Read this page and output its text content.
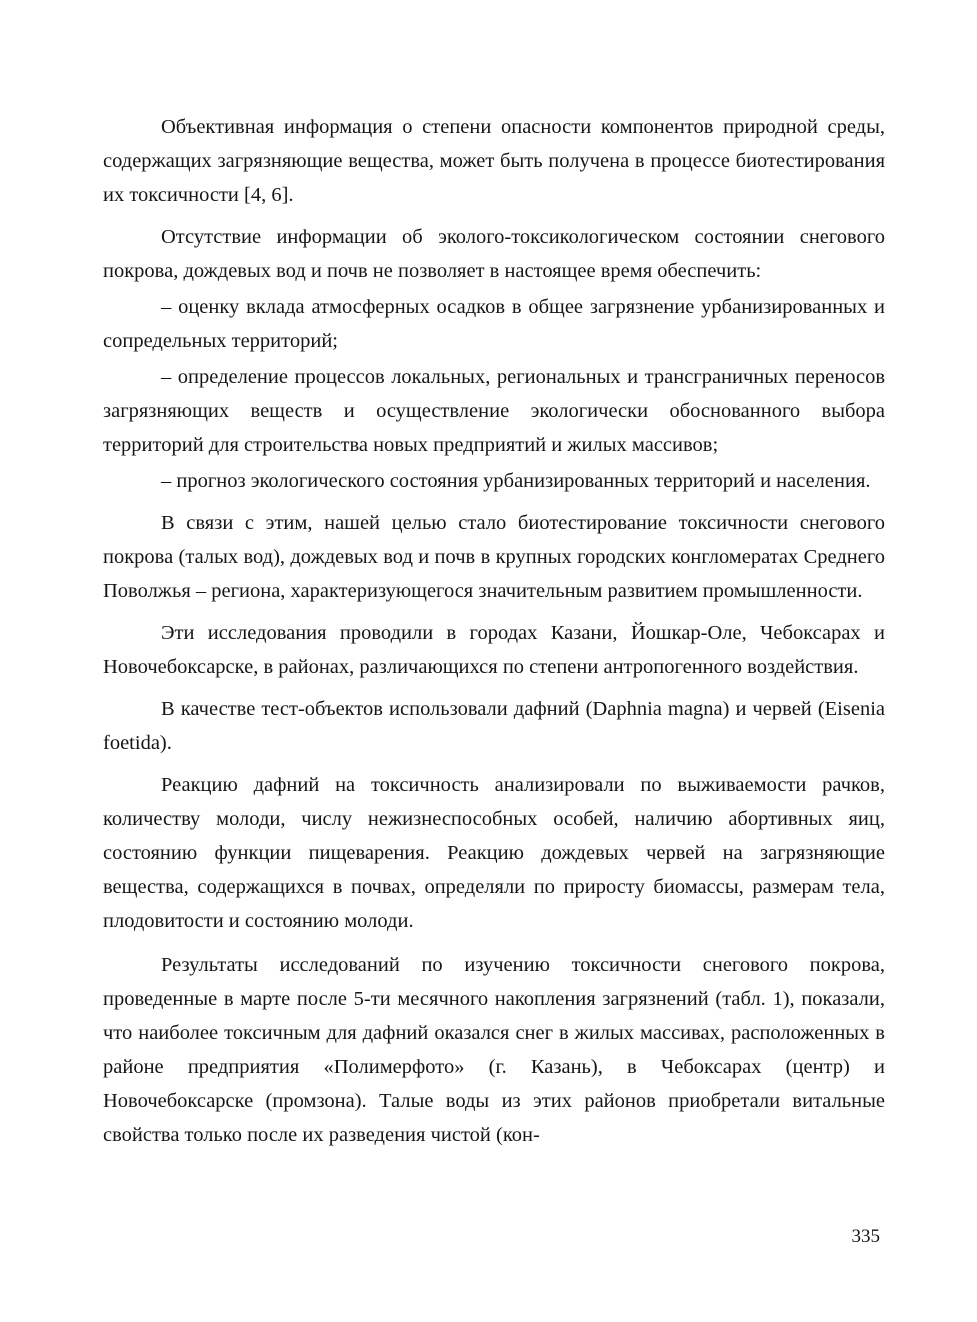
Объективная информация о степени опасности компонентов природной среды, содержащих загрязняющие вещества, может быть получена в процессе биотестирования их токсичности [4, 6].

Отсутствие информации об эколого-токсикологическом состоянии снегового покрова, дождевых вод и почв не позволяет в настоящее время обеспечить:

– оценку вклада атмосферных осадков в общее загрязнение урбанизированных и сопредельных территорий;

– определение процессов локальных, региональных и трансграничных переносов загрязняющих веществ и осуществление экологически обоснованного выбора территорий для строительства новых предприятий и жилых массивов;

– прогноз экологического состояния урбанизированных территорий и населения.

В связи с этим, нашей целью стало биотестирование токсичности снегового покрова (талых вод), дождевых вод и почв в крупных городских конгломератах Среднего Поволжья – региона, характеризующегося значительным развитием промышленности.

Эти исследования проводили в городах Казани, Йошкар-Оле, Чебоксарах и Новочебоксарске, в районах, различающихся по степени антропогенного воздействия.

В качестве тест-объектов использовали дафний (Daphnia magna) и червей (Eisenia foetida).

Реакцию дафний на токсичность анализировали по выживаемости рачков, количеству молоди, числу нежизнеспособных особей, наличию абортивных яиц, состоянию функции пищеварения. Реакцию дождевых червей на загрязняющие вещества, содержащихся в почвах, определяли по приросту биомассы, размерам тела, плодовитости и состоянию молоди.

Результаты исследований по изучению токсичности снегового покрова, проведенные в марте после 5-ти месячного накопления загрязнений (табл. 1), показали, что наиболее токсичным для дафний оказался снег в жилых массивах, расположенных в районе предприятия «Полимерфото» (г. Казань), в Чебоксарах (центр) и Новочебоксарске (промзона). Талые воды из этих районов приобретали витальные свойства только после их разведения чистой (кон-

335
